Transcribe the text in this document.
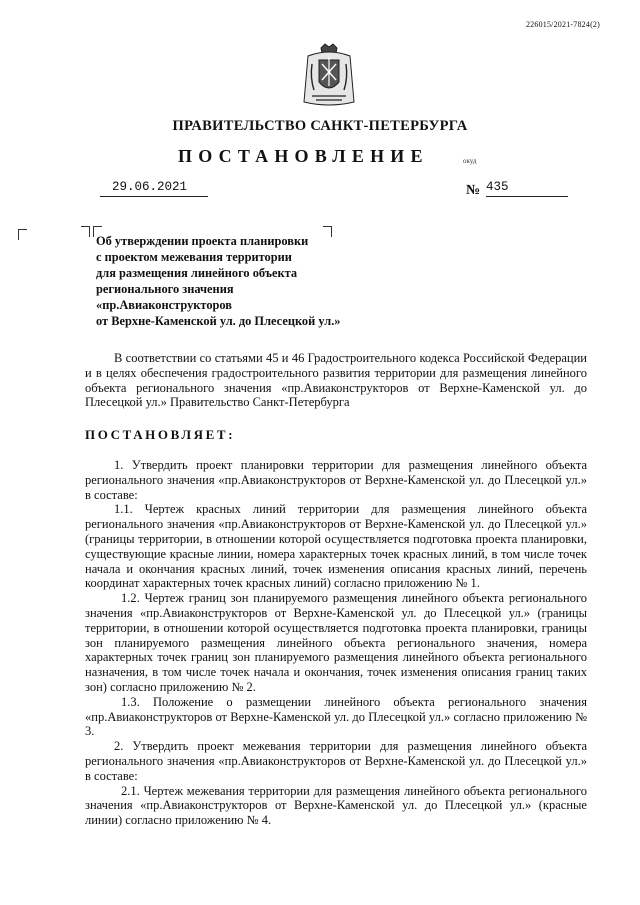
226015/2021-7824(2)
ПРАВИТЕЛЬСТВО САНКТ-ПЕТЕРБУРГА
ПОСТАНОВЛЕНИЕ	окуд
29.06.2021	№ 435
Об утверждении проекта планировки
с проектом межевания территории
для размещения линейного объекта
регионального значения
«пр.Авиаконструкторов
от Верхне-Каменской ул. до Плесецкой ул.»

В соответствии со статьями 45 и 46 Градостроительного кодекса Российской Федерации и в целях обеспечения градостроительного развития территории для размещения линейного объекта регионального значения «пр.Авиаконструкторов от Верхне-Каменской ул. до Плесецкой ул.» Правительство Санкт-Петербурга

ПОСТАНОВЛЯЕТ:

1. Утвердить проект планировки территории для размещения линейного объекта регионального значения «пр.Авиаконструкторов от Верхне-Каменской ул. до Плесецкой ул.» в составе:

1.1. Чертеж красных линий территории для размещения линейного объекта регионального значения «пр.Авиаконструкторов от Верхне-Каменской ул. до Плесецкой ул.» (границы территории, в отношении которой осуществляется подготовка проекта планировки, существующие красные линии, номера характерных точек красных линий, в том числе точек начала и окончания красных линий, точек изменения описания красных линий, перечень координат характерных точек красных линий) согласно приложению № 1.

1.2. Чертеж границ зон планируемого размещения линейного объекта регионального значения «пр.Авиаконструкторов от Верхне-Каменской ул. до Плесецкой ул.» (границы территории, в отношении которой осуществляется подготовка проекта планировки, границы зон планируемого размещения линейного объекта регионального значения, номера характерных точек границ зон планируемого размещения линейного объекта регионального назначения, в том числе точек начала и окончания, точек изменения описания границ таких зон) согласно приложению № 2.

1.3. Положение о размещении линейного объекта регионального значения «пр.Авиаконструкторов от Верхне-Каменской ул. до Плесецкой ул.» согласно приложению № 3.

2. Утвердить проект межевания территории для размещения линейного объекта регионального значения «пр.Авиаконструкторов от Верхне-Каменской ул. до Плесецкой ул.» в составе:

2.1. Чертеж межевания территории для размещения линейного объекта регионального значения «пр.Авиаконструкторов от Верхне-Каменской ул. до Плесецкой ул.» (красные линии) согласно приложению № 4.
